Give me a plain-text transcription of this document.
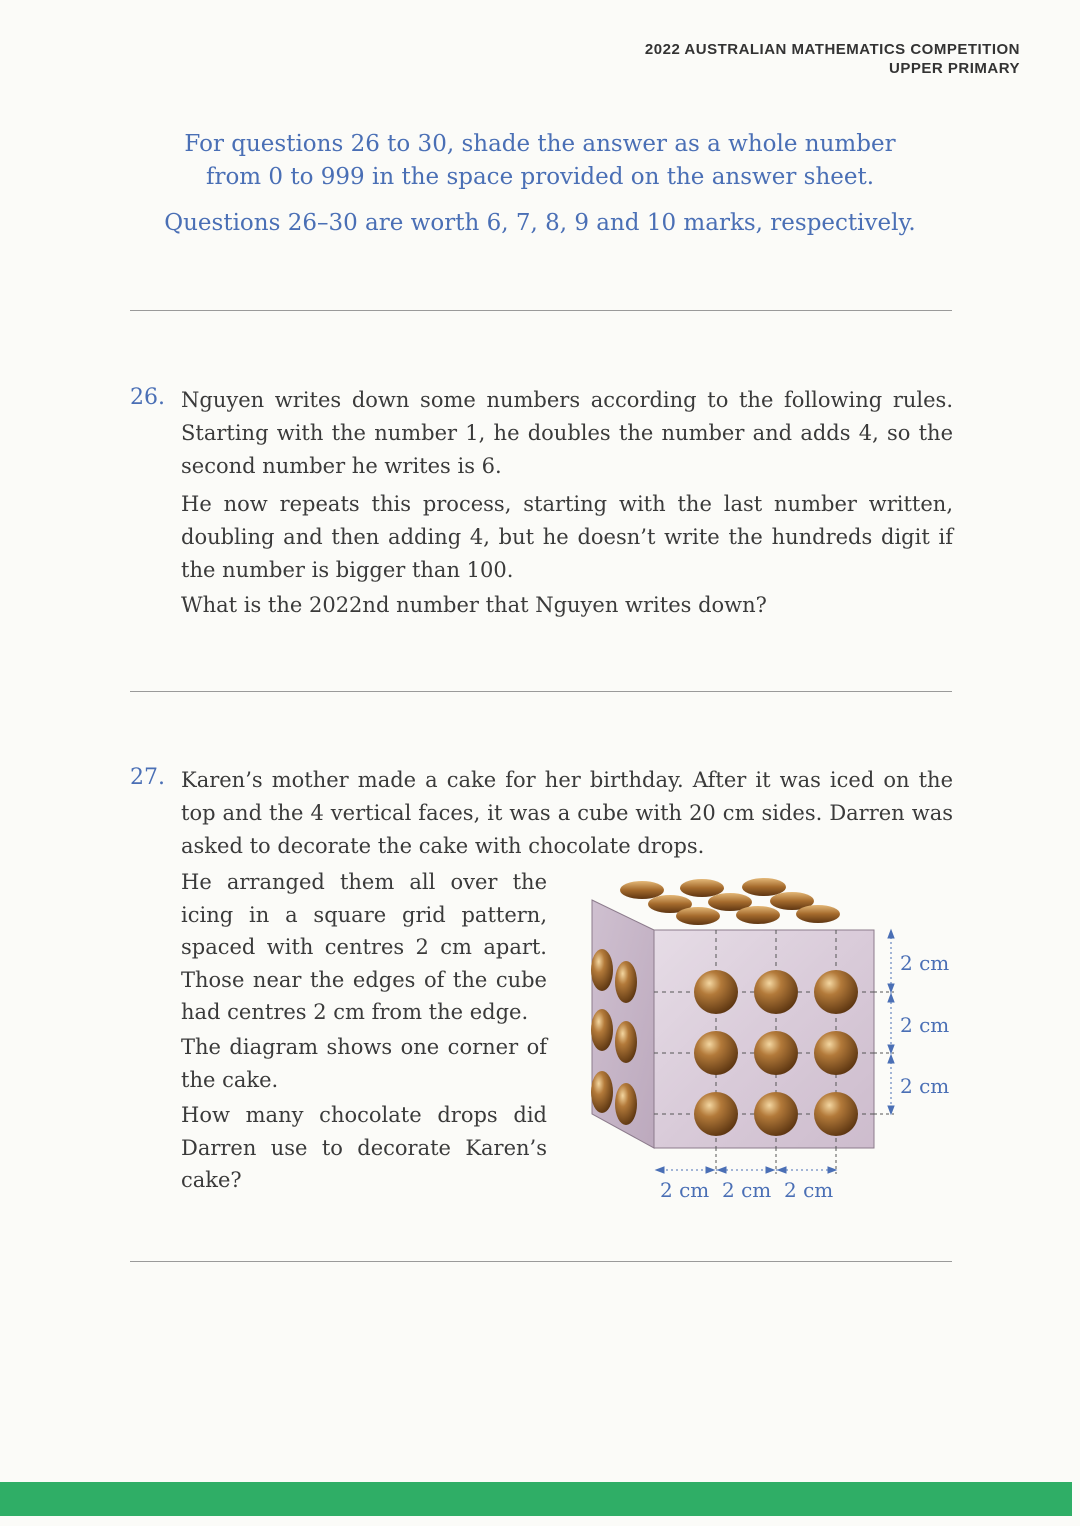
2022 AUSTRALIAN MATHEMATICS COMPETITION
UPPER PRIMARY
For questions 26 to 30, shade the answer as a whole number
from 0 to 999 in the space provided on the answer sheet.
Questions 26–30 are worth 6, 7, 8, 9 and 10 marks, respectively.
26. Nguyen writes down some numbers according to the following rules. Starting with the number 1, he doubles the number and adds 4, so the second number he writes is 6.

He now repeats this process, starting with the last number written, doubling and then adding 4, but he doesn’t write the hundreds digit if the number is bigger than 100.

What is the 2022nd number that Nguyen writes down?

27. Karen’s mother made a cake for her birthday. After it was iced on the top and the 4 vertical faces, it was a cube with 20 cm sides. Darren was asked to decorate the cake with chocolate drops.

He arranged them all over the icing in a square grid pattern, spaced with centres 2 cm apart. Those near the edges of the cube had centres 2 cm from the edge.

The diagram shows one corner of the cake.

How many chocolate drops did Darren use to decorate Karen’s cake?

2 cm
2 cm
2 cm
2 cm 2 cm 2 cm
